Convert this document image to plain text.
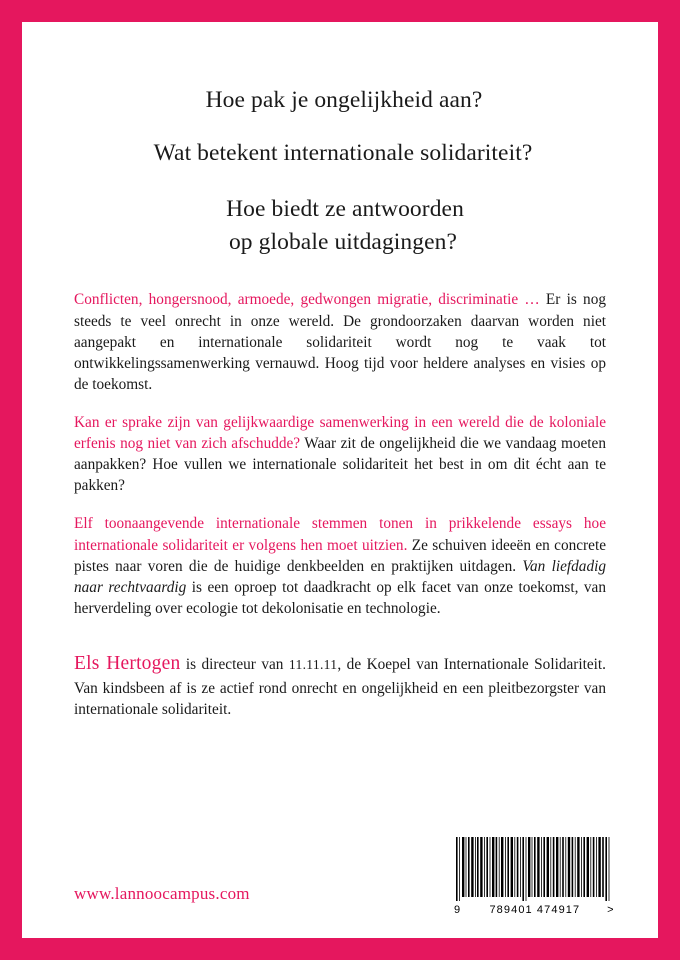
Hoe pak je ongelijkheid aan?
Wat betekent internationale solidariteit?
Hoe biedt ze antwoorden
op globale uitdagingen?
Conflicten, hongersnood, armoede, gedwongen migratie, discriminatie … Er is nog steeds te veel onrecht in onze wereld. De grondoorzaken daarvan worden niet aangepakt en internationale solidariteit wordt nog te vaak tot ontwikkelingssamenwerking vernauwd. Hoog tijd voor heldere analyses en visies op de toekomst.
Kan er sprake zijn van gelijkwaardige samenwerking in een wereld die de koloniale erfenis nog niet van zich afschudde? Waar zit de ongelijkheid die we vandaag moeten aanpakken? Hoe vullen we internationale solidariteit het best in om dit écht aan te pakken?
Elf toonaangevende internationale stemmen tonen in prikkelende essays hoe internationale solidariteit er volgens hen moet uitzien. Ze schuiven ideeën en concrete pistes naar voren die de huidige denkbeelden en praktijken uitdagen. Van liefdadig naar rechtvaardig is een oproep tot daadkracht op elk facet van onze toekomst, van herverdeling over ecologie tot dekolonisatie en technologie.
Els Hertogen is directeur van 11.11.11, de Koepel van Internationale Solidariteit. Van kindsbeen af is ze actief rond onrecht en ongelijkheid en een pleitbezorgster van internationale solidariteit.
www.lannoocampus.com
9	789401 474917 >
